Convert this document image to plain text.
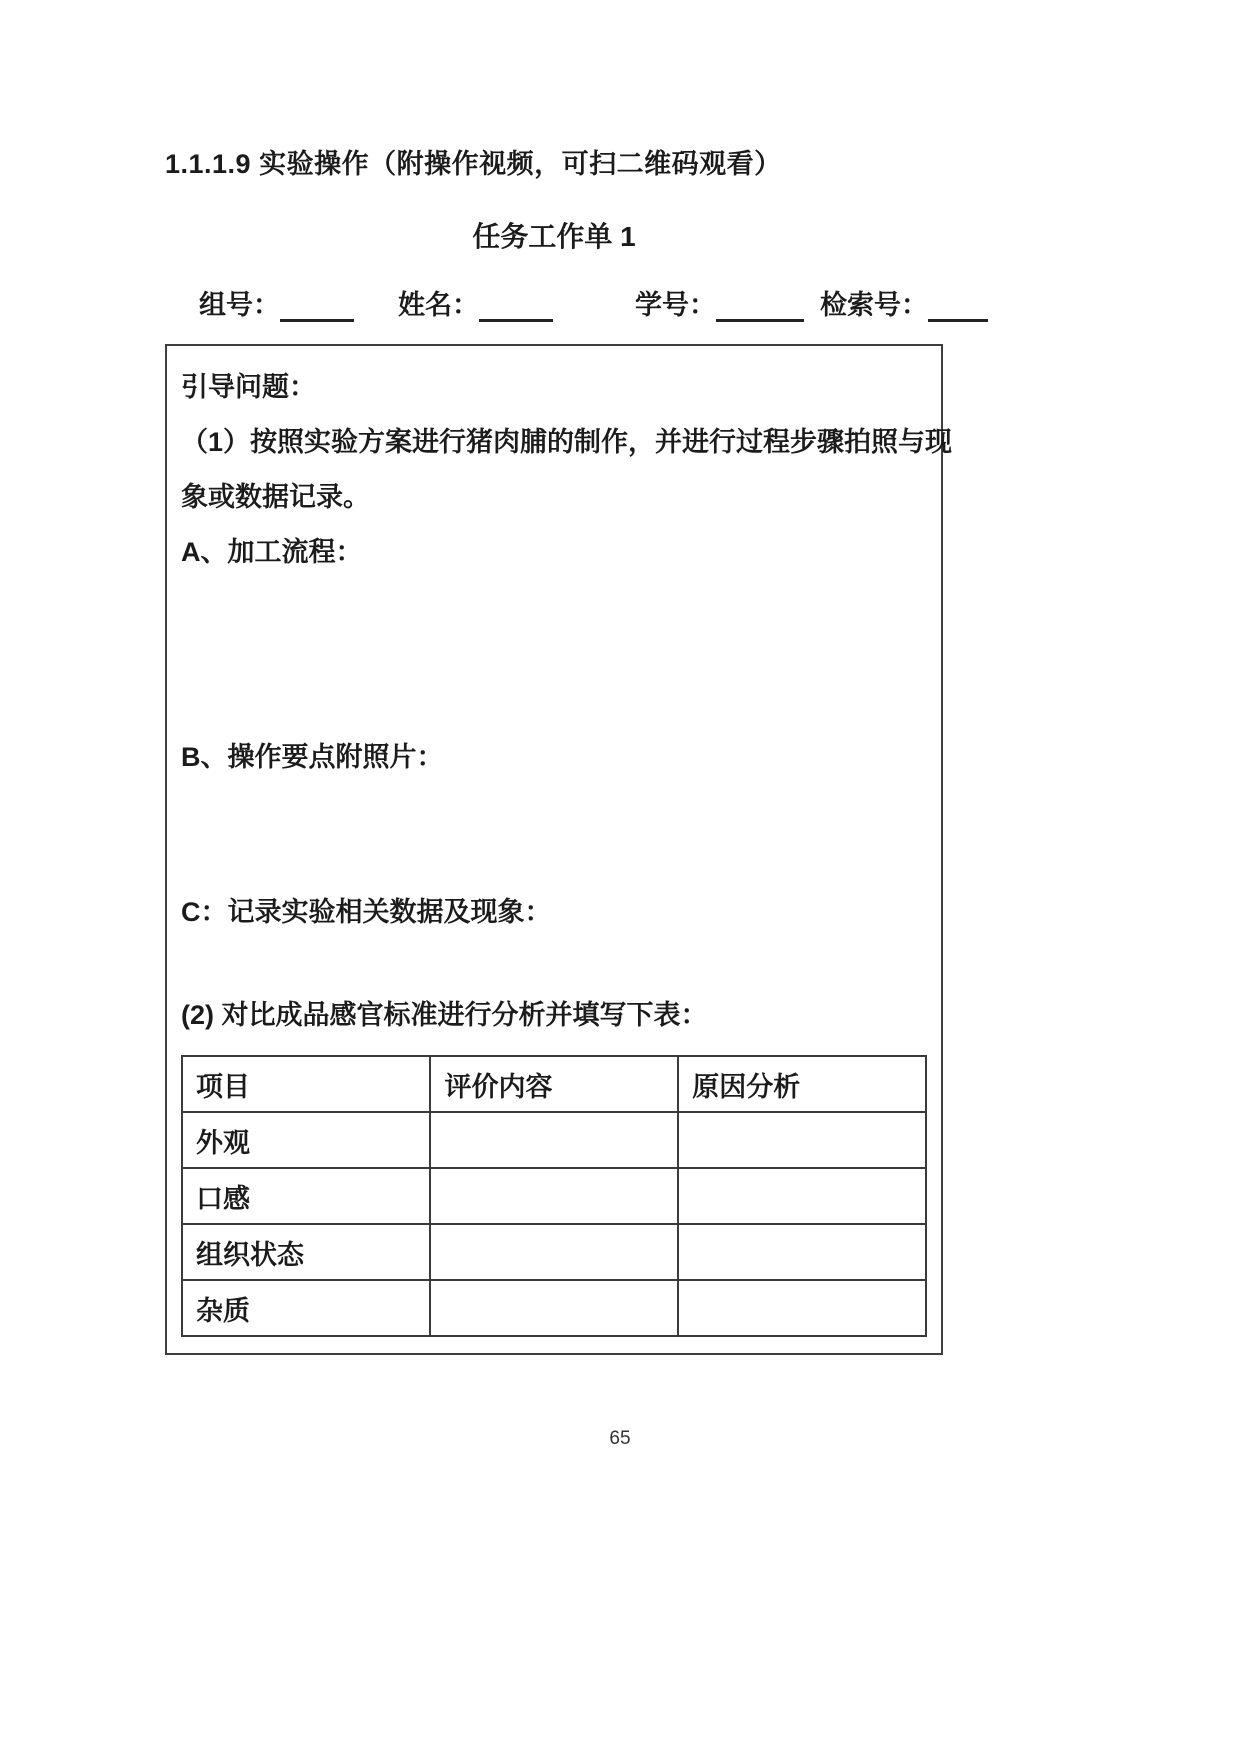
1.1.1.9 实验操作（附操作视频，可扫二维码观看）
任务工作单 1
组号：	姓名：	学号：	检索号：
引导问题：
（1）按照实验方案进行猪肉脯的制作，并进行过程步骤拍照与现
象或数据记录。
A、加工流程：
B、操作要点附照片：
C：记录实验相关数据及现象：
(2) 对比成品感官标准进行分析并填写下表：
项目	评价内容	原因分析
外观		
口感		
组织状态		
杂质		
65
